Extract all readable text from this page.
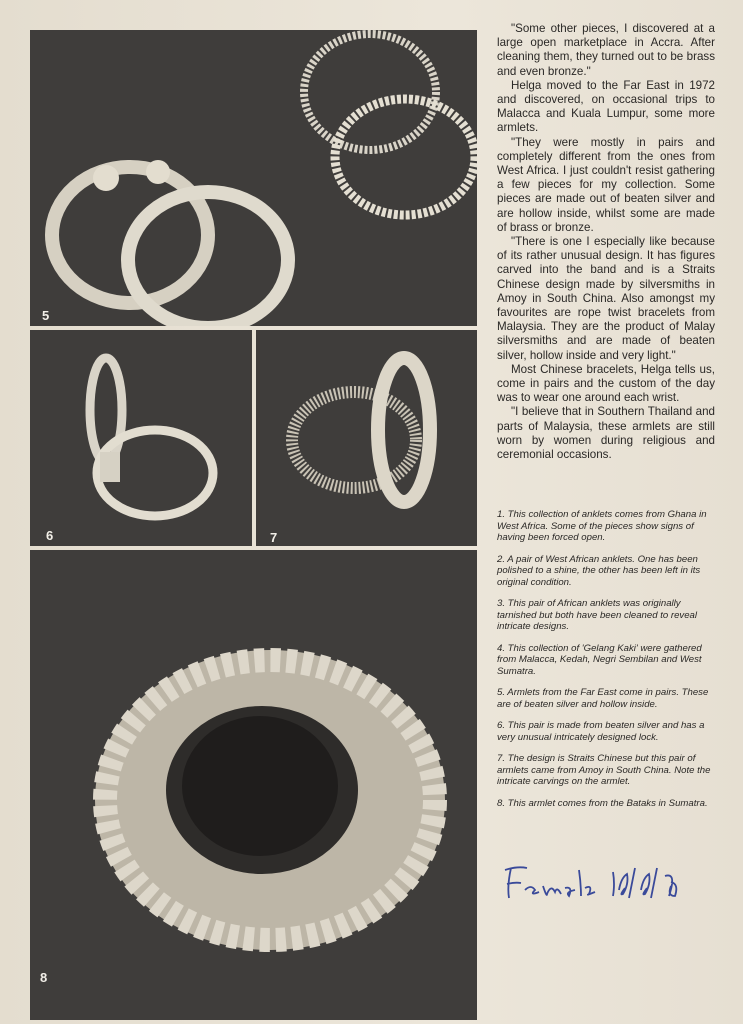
5
6	7
8

"Some other pieces, I discovered at a large open marketplace in Accra. After cleaning them, they turned out to be brass and even bronze."

Helga moved to the Far East in 1972 and discovered, on occasional trips to Malacca and Kuala Lumpur, some more armlets.

"They were mostly in pairs and completely different from the ones from West Africa. I just couldn't resist gathering a few pieces for my collection. Some pieces are made out of beaten silver and are hollow inside, whilst some are made of brass or bronze.

"There is one I especially like because of its rather unusual design. It has figures carved into the band and is a Straits Chinese design made by silversmiths in Amoy in South China. Also amongst my favourites are rope twist bracelets from Malaysia. They are the product of Malay silversmiths and are made of beaten silver, hollow inside and very light."

Most Chinese bracelets, Helga tells us, come in pairs and the custom of the day was to wear one around each wrist.

"I believe that in Southern Thailand and parts of Malaysia, these armlets are still worn by women during religious and ceremonial occasions.

1. This collection of anklets comes from Ghana in West Africa. Some of the pieces show signs of having been forced open.

2. A pair of West African anklets. One has been polished to a shine, the other has been left in its original condition.

3. This pair of African anklets was originally tarnished but both have been cleaned to reveal intricate designs.

4. This collection of 'Gelang Kaki' were gathered from Malacca, Kedah, Negri Sembilan and West Sumatra.

5. Armlets from the Far East come in pairs. These are of beaten silver and hollow inside.

6. This pair is made from beaten silver and has a very unusual intricately designed lock.

7. The design is Straits Chinese but this pair of armlets came from Amoy in South China. Note the intricate carvings on the armlet.

8. This armlet comes from the Bataks in Sumatra.
